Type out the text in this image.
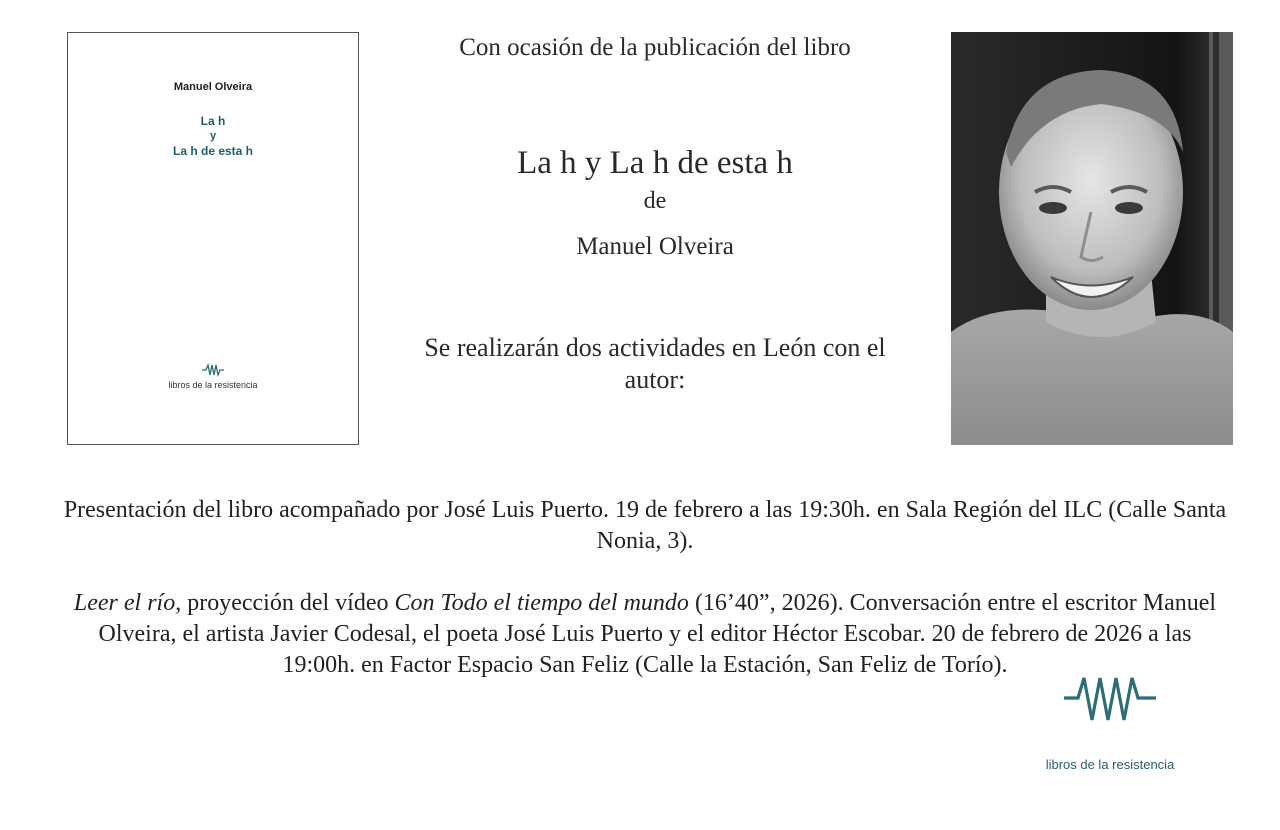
Manuel Olveira
La h
y
La h de esta h
libros de la resistencia
Con ocasión de la publicación del libro
La h y La h de esta h
de
Manuel Olveira
Se realizarán dos actividades en León con el autor:
Presentación del libro acompañado por José Luis Puerto. 19 de febrero a las 19:30h. en Sala Región del ILC (Calle Santa Nonia, 3).
Leer el río, proyección del vídeo Con Todo el tiempo del mundo (16’40”, 2026). Conversación entre el escritor Manuel Olveira, el artista Javier Codesal, el poeta José Luis Puerto y el editor Héctor Escobar. 20 de febrero de 2026 a las 19:00h. en Factor Espacio San Feliz (Calle la Estación, San Feliz de Torío).
libros de la resistencia
